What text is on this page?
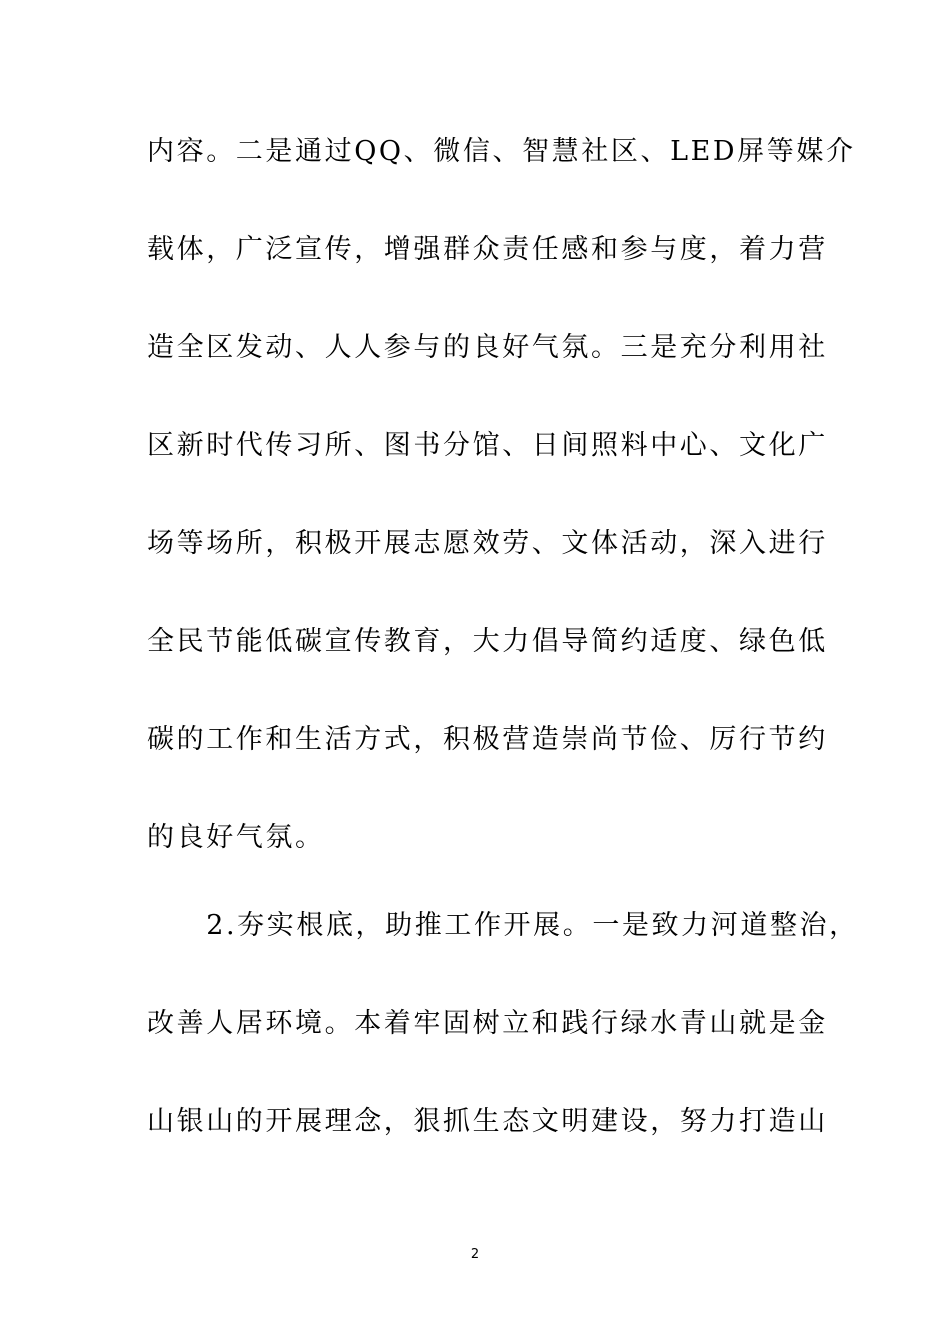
内容。二是通过QQ、微信、智慧社区、LED屏等媒介
载体，广泛宣传，增强群众责任感和参与度，着力营
造全区发动、人人参与的良好气氛。三是充分利用社
区新时代传习所、图书分馆、日间照料中心、文化广
场等场所，积极开展志愿效劳、文体活动，深入进行
全民节能低碳宣传教育，大力倡导简约适度、绿色低
碳的工作和生活方式，积极营造崇尚节俭、厉行节约
的良好气氛。
　　2.夯实根底，助推工作开展。一是致力河道整治，
改善人居环境。本着牢固树立和践行绿水青山就是金
山银山的开展理念，狠抓生态文明建设，努力打造山
2
